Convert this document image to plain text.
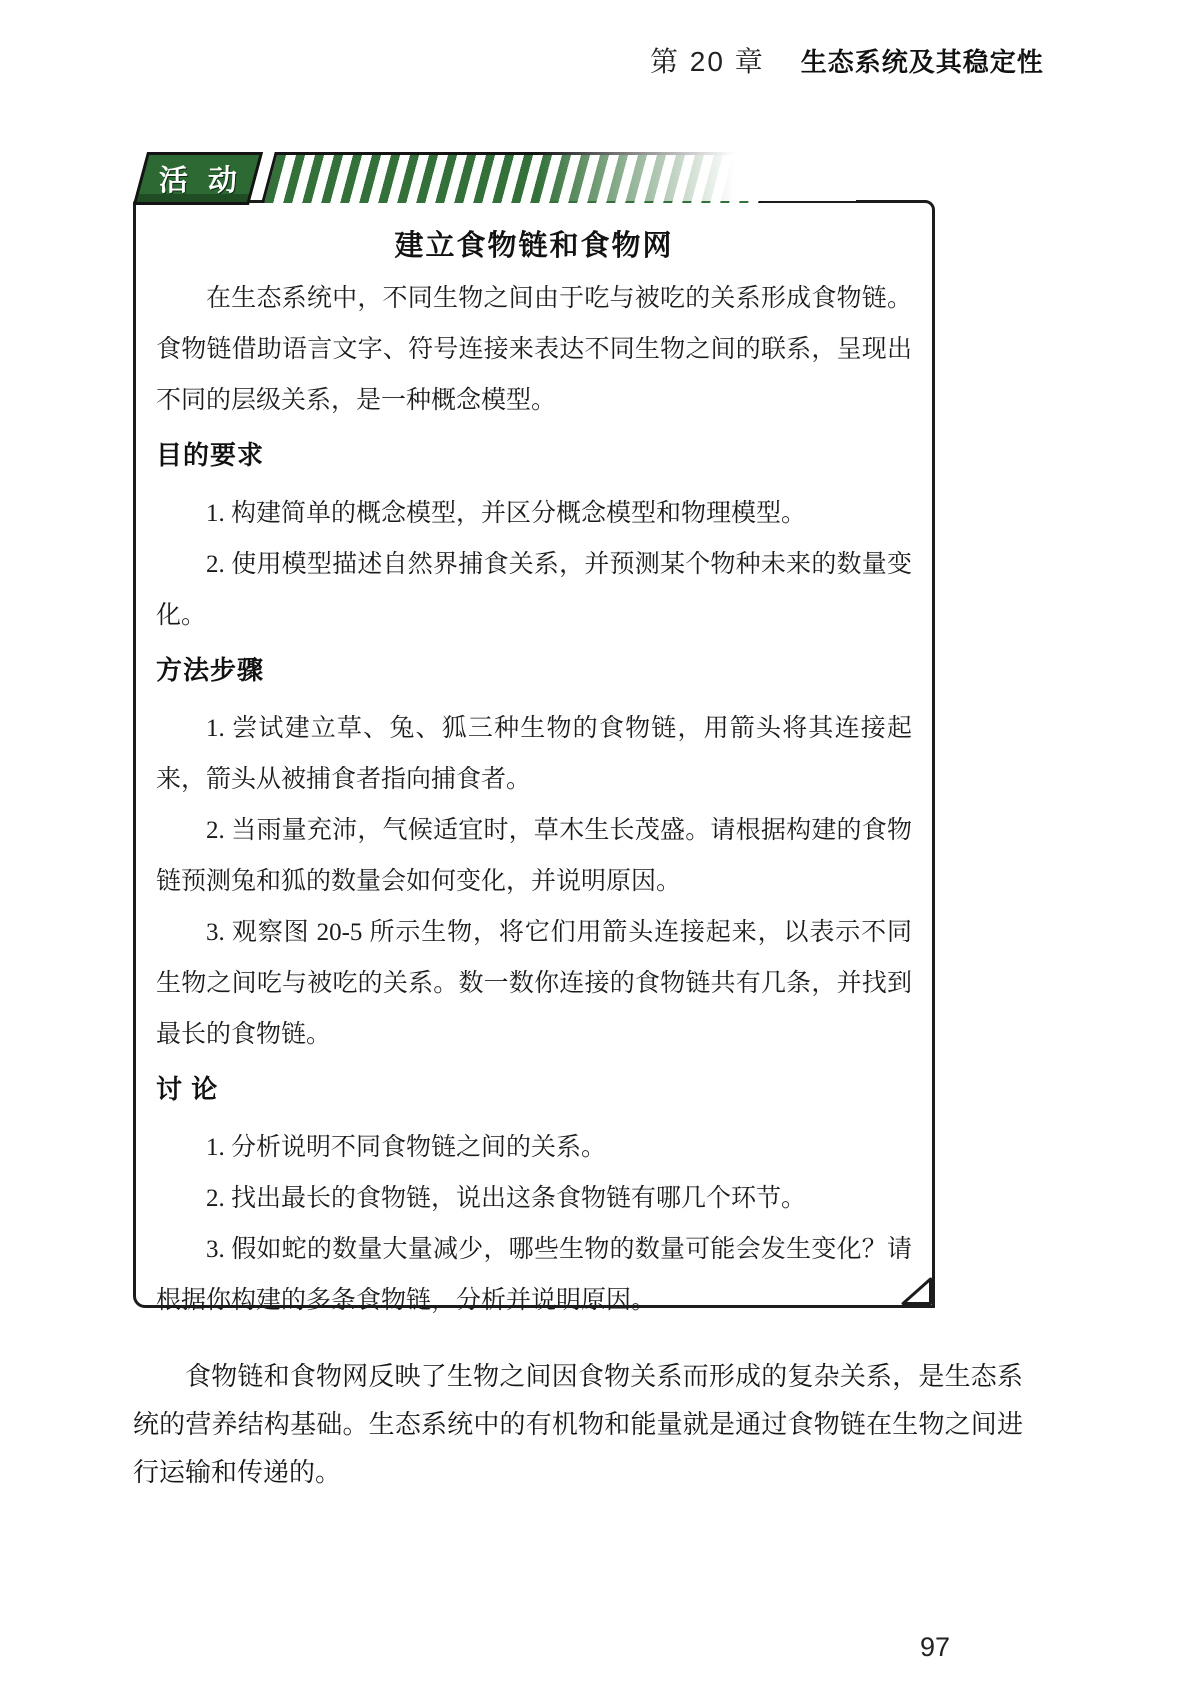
第 20 章 生态系统及其稳定性
活 动
建立食物链和食物网

在生态系统中，不同生物之间由于吃与被吃的关系形成食物链。食物链借助语言文字、符号连接来表达不同生物之间的联系，呈现出不同的层级关系，是一种概念模型。

目的要求

1. 构建简单的概念模型，并区分概念模型和物理模型。

2. 使用模型描述自然界捕食关系，并预测某个物种未来的数量变化。

方法步骤

1. 尝试建立草、兔、狐三种生物的食物链，用箭头将其连接起来，箭头从被捕食者指向捕食者。

2. 当雨量充沛，气候适宜时，草木生长茂盛。请根据构建的食物链预测兔和狐的数量会如何变化，并说明原因。

3. 观察图 20-5 所示生物，将它们用箭头连接起来，以表示不同生物之间吃与被吃的关系。数一数你连接的食物链共有几条，并找到最长的食物链。

讨 论

1. 分析说明不同食物链之间的关系。

2. 找出最长的食物链，说出这条食物链有哪几个环节。

3. 假如蛇的数量大量减少，哪些生物的数量可能会发生变化？请根据你构建的多条食物链，分析并说明原因。

食物链和食物网反映了生物之间因食物关系而形成的复杂关系，是生态系统的营养结构基础。生态系统中的有机物和能量就是通过食物链在生物之间进行运输和传递的。

97
